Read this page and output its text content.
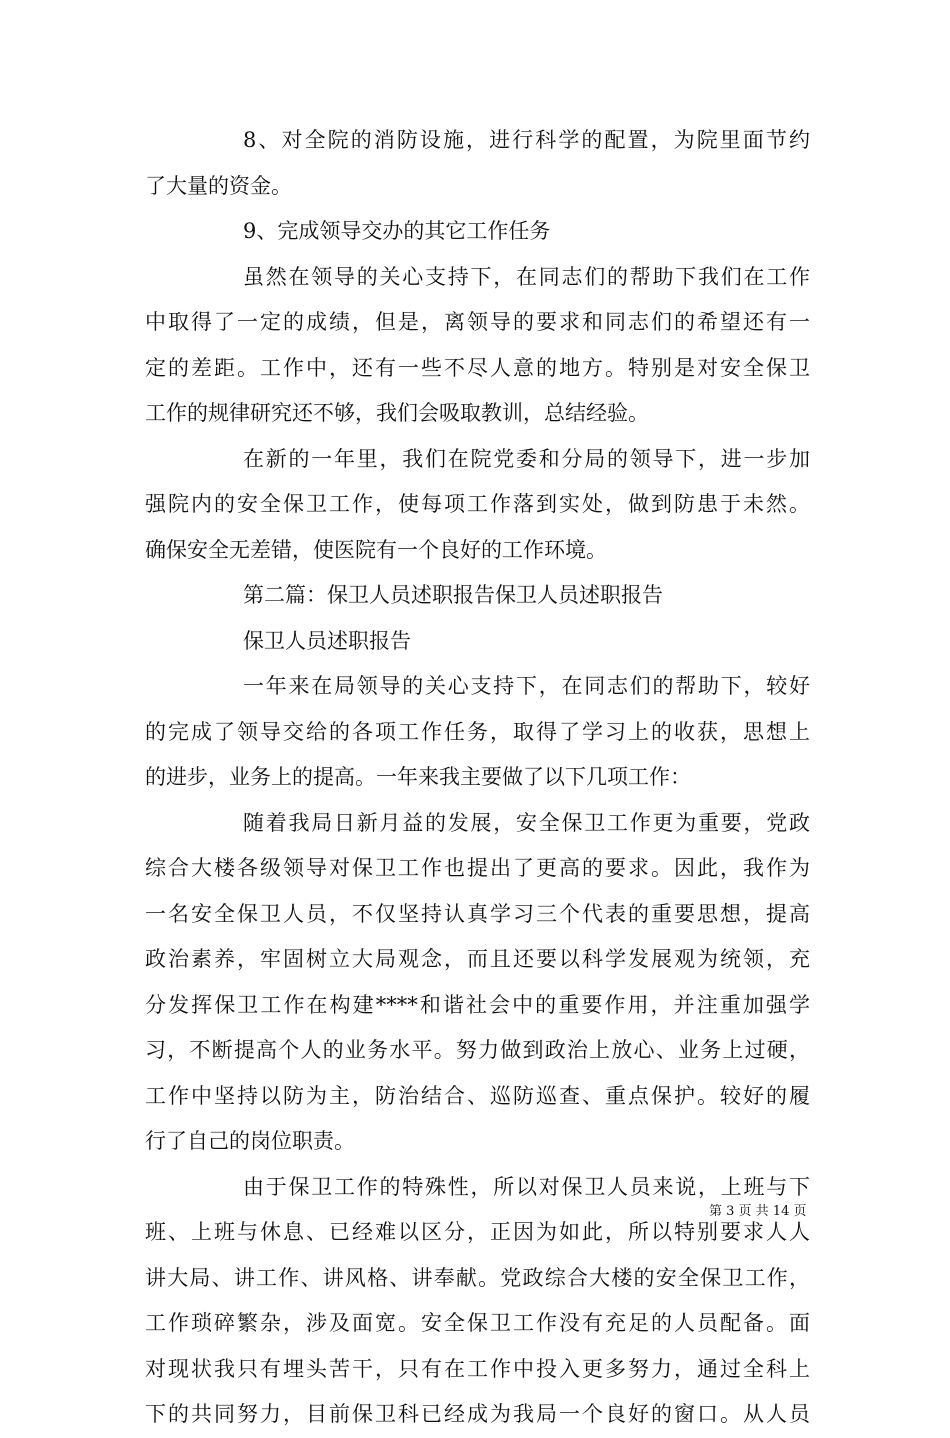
8、对全院的消防设施，进行科学的配置，为院里面节约
了大量的资金。
9、完成领导交办的其它工作任务
虽然在领导的关心支持下，在同志们的帮助下我们在工作
中取得了一定的成绩，但是，离领导的要求和同志们的希望还有一
定的差距。工作中，还有一些不尽人意的地方。特别是对安全保卫
工作的规律研究还不够，我们会吸取教训，总结经验。
在新的一年里，我们在院党委和分局的领导下，进一步加
强院内的安全保卫工作，使每项工作落到实处，做到防患于未然。
确保安全无差错，使医院有一个良好的工作环境。
第二篇：保卫人员述职报告保卫人员述职报告
保卫人员述职报告
一年来在局领导的关心支持下，在同志们的帮助下，较好
的完成了领导交给的各项工作任务，取得了学习上的收获，思想上
的进步，业务上的提高。一年来我主要做了以下几项工作：
随着我局日新月益的发展，安全保卫工作更为重要，党政
综合大楼各级领导对保卫工作也提出了更高的要求。因此，我作为
一名安全保卫人员，不仅坚持认真学习三个代表的重要思想，提高
政治素养，牢固树立大局观念，而且还要以科学发展观为统领，充
分发挥保卫工作在构建****和谐社会中的重要作用，并注重加强学
习，不断提高个人的业务水平。努力做到政治上放心、业务上过硬，
工作中坚持以防为主，防治结合、巡防巡查、重点保护。较好的履
行了自己的岗位职责。
由于保卫工作的特殊性，所以对保卫人员来说，上班与下
班、上班与休息、已经难以区分，正因为如此，所以特别要求人人
讲大局、讲工作、讲风格、讲奉献。党政综合大楼的安全保卫工作，
工作琐碎繁杂，涉及面宽。安全保卫工作没有充足的人员配备。面
对现状我只有埋头苦干，只有在工作中投入更多努力，通过全科上
下的共同努力，目前保卫科已经成为我局一个良好的窗口。从人员
第 3 页 共 14 页
